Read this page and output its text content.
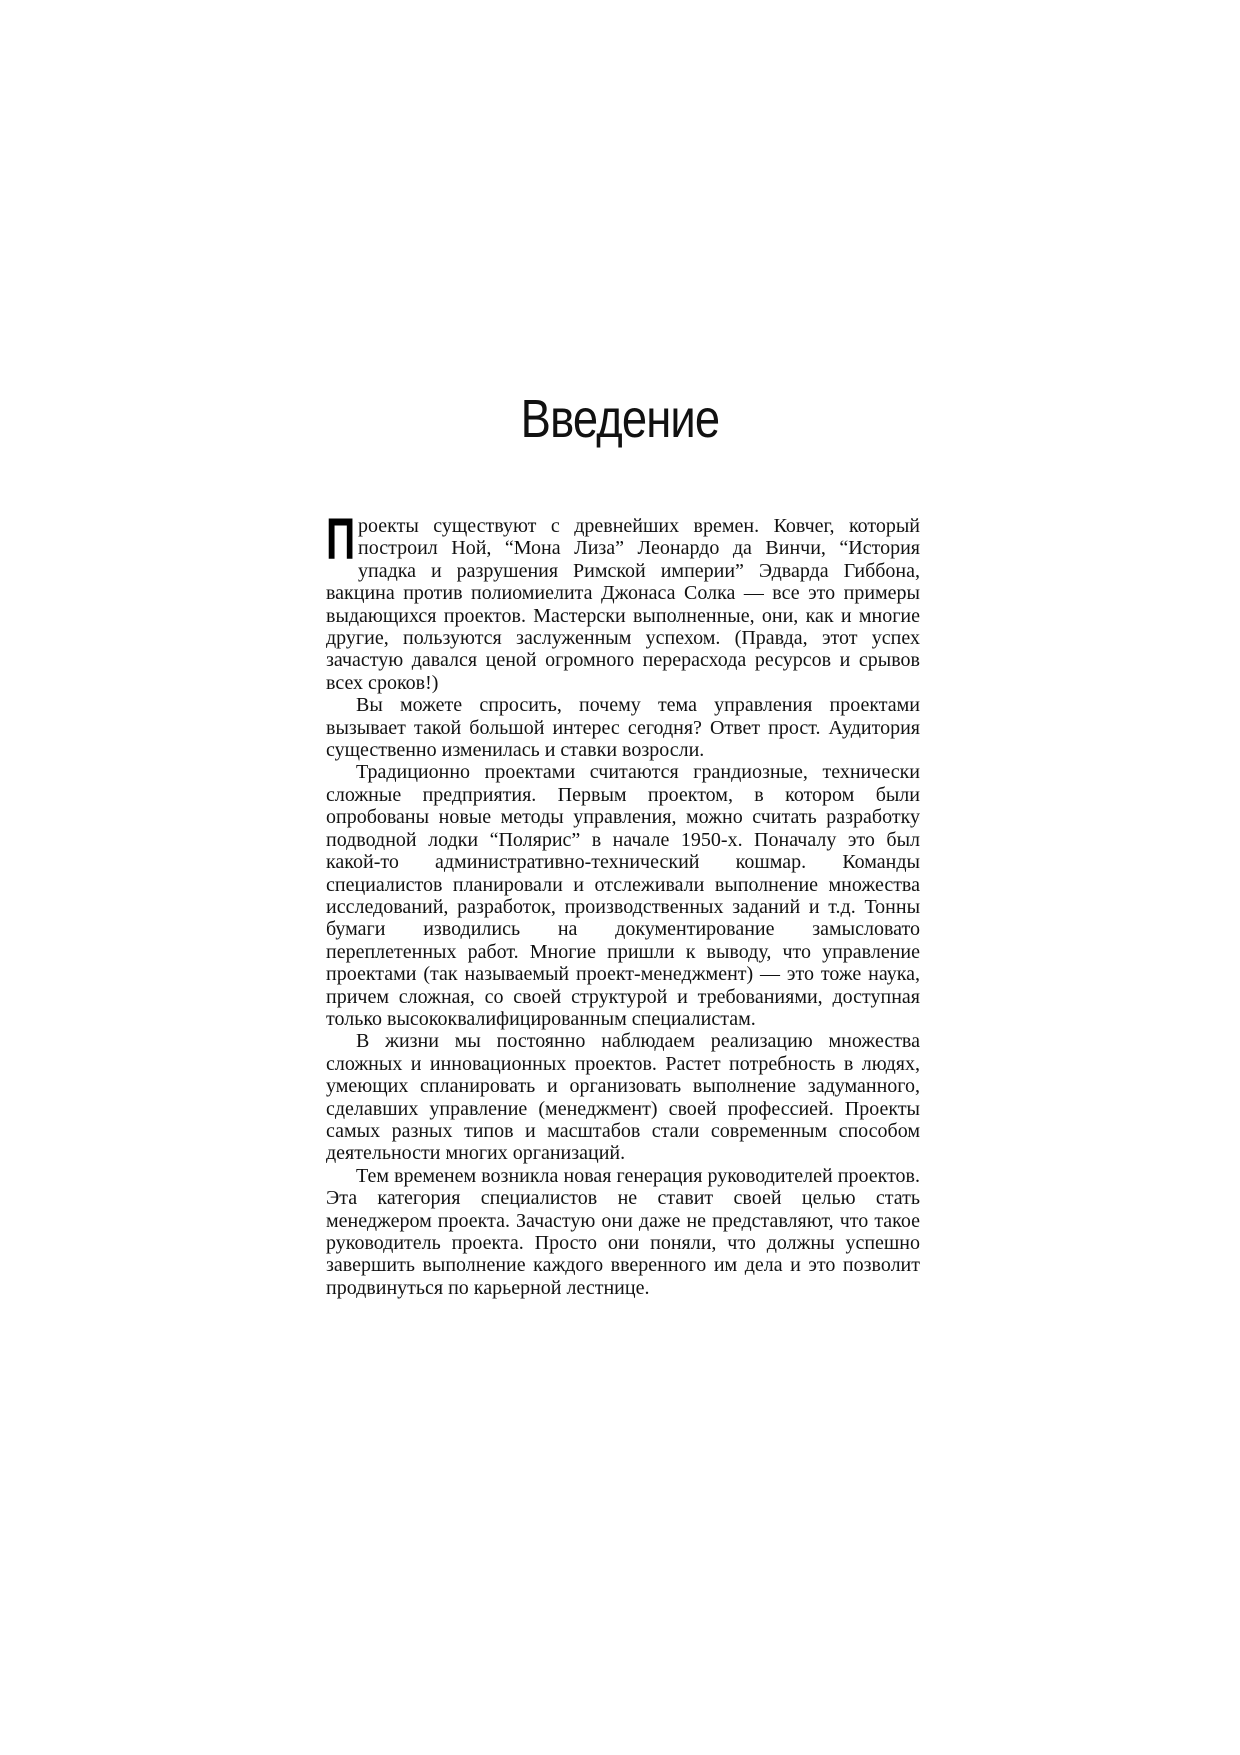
Введение

Проекты существуют с древнейших времен. Ковчег, который построил Ной, “Мона Лиза” Леонардо да Винчи, “История упадка и разрушения Римской империи” Эдварда Гиббона, вакцина против полиомиелита Джонаса Солка — все это примеры выдающихся проектов. Мастерски выполненные, они, как и многие другие, пользуются заслуженным успехом. (Правда, этот успех зачастую давался ценой огромного перерасхода ресурсов и срывов всех сроков!)

Вы можете спросить, почему тема управления проектами вызывает такой большой интерес сегодня? Ответ прост. Аудитория существенно изменилась и ставки возросли.

Традиционно проектами считаются грандиозные, технически сложные предприятия. Первым проектом, в котором были опробованы новые методы управления, можно считать разработку подводной лодки “Полярис” в начале 1950-х. Поначалу это был какой-то административно-технический кошмар. Команды специалистов планировали и отслеживали выполнение множества исследований, разработок, производственных заданий и т.д. Тонны бумаги изводились на документирование замысловато переплетенных работ. Многие пришли к выводу, что управление проектами (так называемый проект-менеджмент) — это тоже наука, причем сложная, со своей структурой и требованиями, доступная только высококвалифицированным специалистам.

В жизни мы постоянно наблюдаем реализацию множества сложных и инновационных проектов. Растет потребность в людях, умеющих спланировать и организовать выполнение задуманного, сделавших управление (менеджмент) своей профессией. Проекты самых разных типов и масштабов стали современным способом деятельности многих организаций.

Тем временем возникла новая генерация руководителей проектов. Эта категория специалистов не ставит своей целью стать менеджером проекта. Зачастую они даже не представляют, что такое руководитель проекта. Просто они поняли, что должны успешно завершить выполнение каждого вверенного им дела и это позволит продвинуться по карьерной лестнице.
